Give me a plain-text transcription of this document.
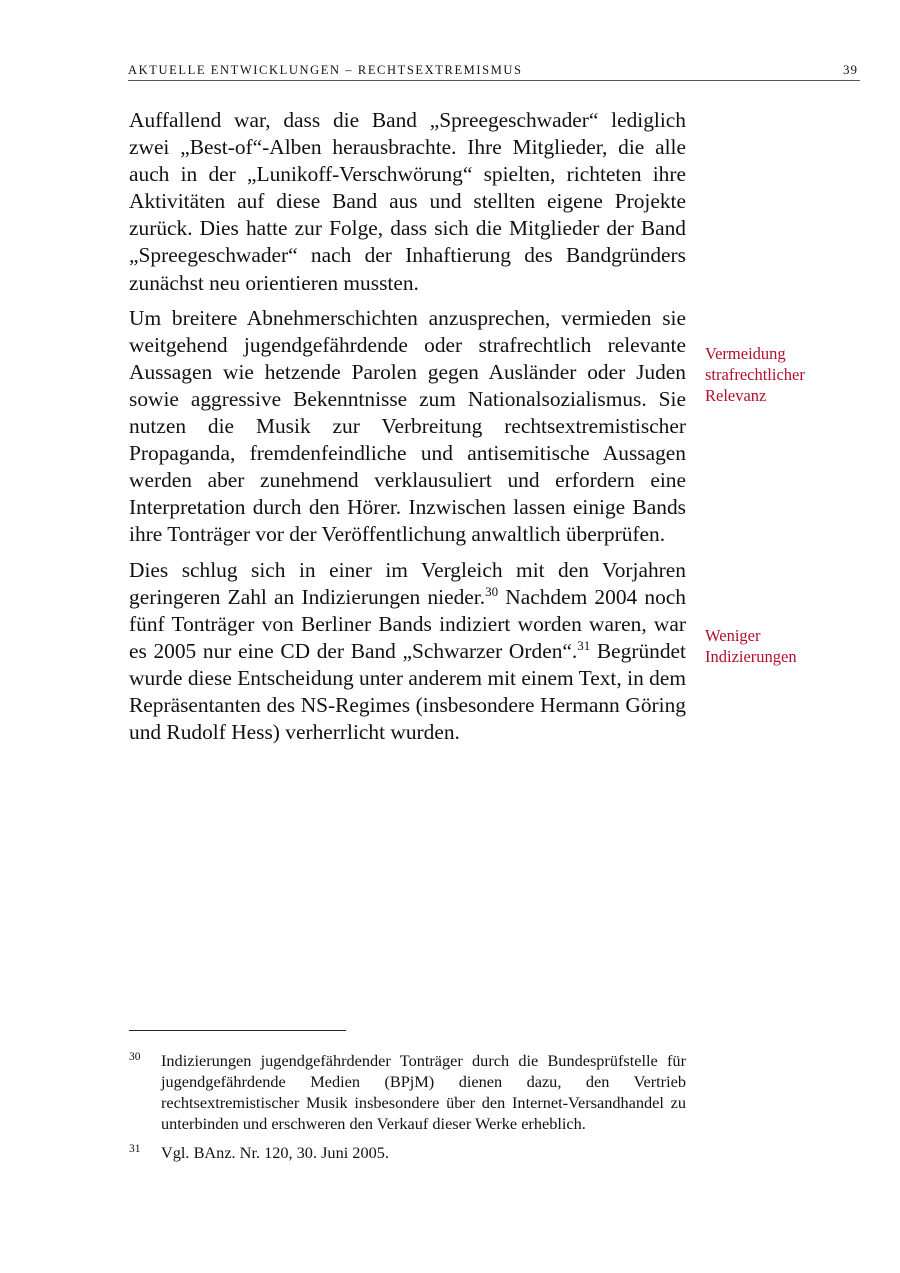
AKTUELLE ENTWICKLUNGEN – RECHTSEXTREMISMUS	39

Auffallend war, dass die Band „Spreegeschwader“ lediglich zwei „Best-of“-Alben herausbrachte. Ihre Mitglieder, die alle auch in der „Lunikoff-Verschwörung“ spielten, richteten ihre Aktivitäten auf diese Band aus und stellten eigene Projekte zurück. Dies hatte zur Folge, dass sich die Mitglieder der Band „Spreegeschwader“ nach der Inhaftierung des Bandgründers zunächst neu orientieren mussten.

Um breitere Abnehmerschichten anzusprechen, vermieden sie weitgehend jugendgefährdende oder strafrechtlich relevante Aussagen wie hetzende Parolen gegen Ausländer oder Juden sowie aggressive Bekenntnisse zum Nationalsozialismus. Sie nutzen die Musik zur Verbreitung rechtsextremistischer Propaganda, fremdenfeindliche und antisemitische Aussagen werden aber zunehmend verklausuliert und erfordern eine Interpretation durch den Hörer. Inzwischen lassen einige Bands ihre Tonträger vor der Veröffentlichung anwaltlich überprüfen.

Dies schlug sich in einer im Vergleich mit den Vorjahren geringeren Zahl an Indizierungen nieder.$^{30}$ Nachdem 2004 noch fünf Tonträger von Berliner Bands indiziert worden waren, war es 2005 nur eine CD der Band „Schwarzer Orden“.$^{31}$ Begründet wurde diese Entscheidung unter anderem mit einem Text, in dem Repräsentanten des NS-Regimes (insbesondere Hermann Göring und Rudolf Hess) verherrlicht wurden.

Vermeidung
strafrechtlicher
Relevanz
Weniger
Indizierungen
30 Indizierungen jugendgefährdender Tonträger durch die Bundesprüfstelle für jugendgefährdende Medien (BPjM) dienen dazu, den Vertrieb rechtsextremistischer Musik insbesondere über den Internet-Versandhandel zu unterbinden und erschweren den Verkauf dieser Werke erheblich.
31 Vgl. BAnz. Nr. 120, 30. Juni 2005.
